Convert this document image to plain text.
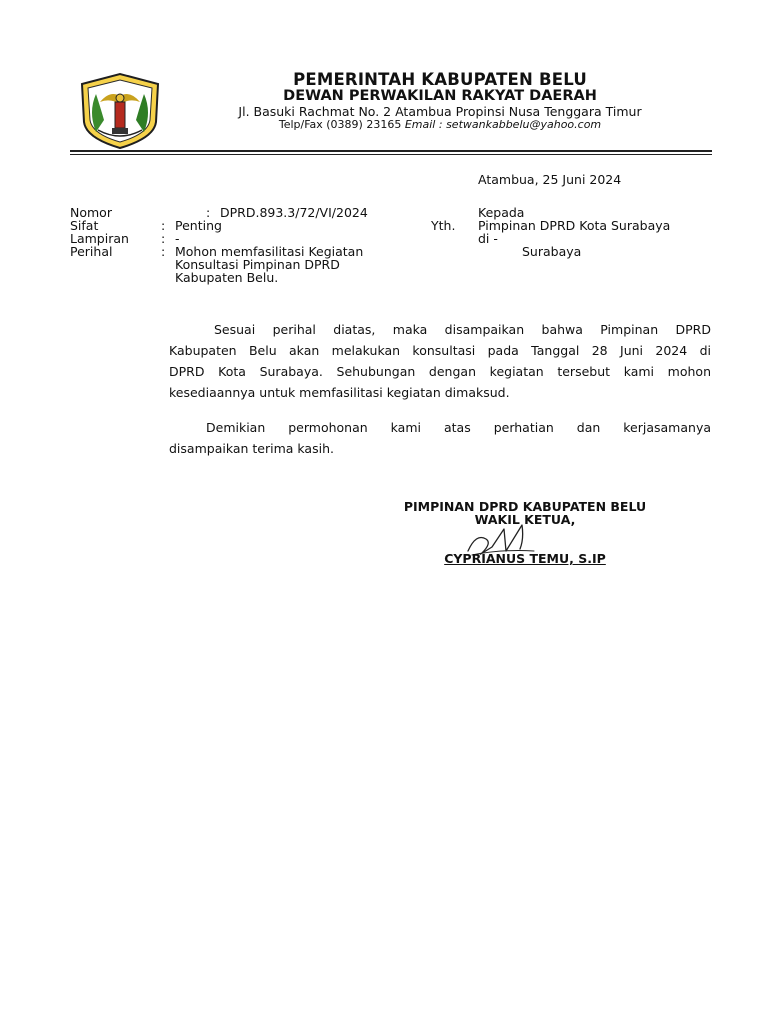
PEMERINTAH KABUPATEN BELU
DEWAN PERWAKILAN RAKYAT DAERAH
Jl. Basuki Rachmat No. 2 Atambua Propinsi Nusa Tenggara Timur
Telp/Fax (0389) 23165 Email : setwankabbelu@yahoo.com
Atambua, 25 Juni 2024
Nomor	: DPRD.893.3/72/VI/2024
Sifat	: Penting
Lampiran	: -
Perihal	: Mohon memfasilitasi Kegiatan
Konsultasi Pimpinan DPRD
Kabupaten Belu.
Kepada
Yth. Pimpinan DPRD Kota Surabaya
di -
Surabaya
Sesuai perihal diatas, maka disampaikan bahwa Pimpinan DPRD
Kabupaten Belu akan melakukan konsultasi pada Tanggal 28 Juni 2024 di
DPRD Kota Surabaya. Sehubungan dengan kegiatan tersebut kami mohon
kesediaannya untuk memfasilitasi kegiatan dimaksud.
Demikian permohonan kami atas perhatian dan kerjasamanya
disampaikan terima kasih.
PIMPINAN DPRD KABUPATEN BELU
WAKIL KETUA,
CYPRIANUS TEMU, S.IP
